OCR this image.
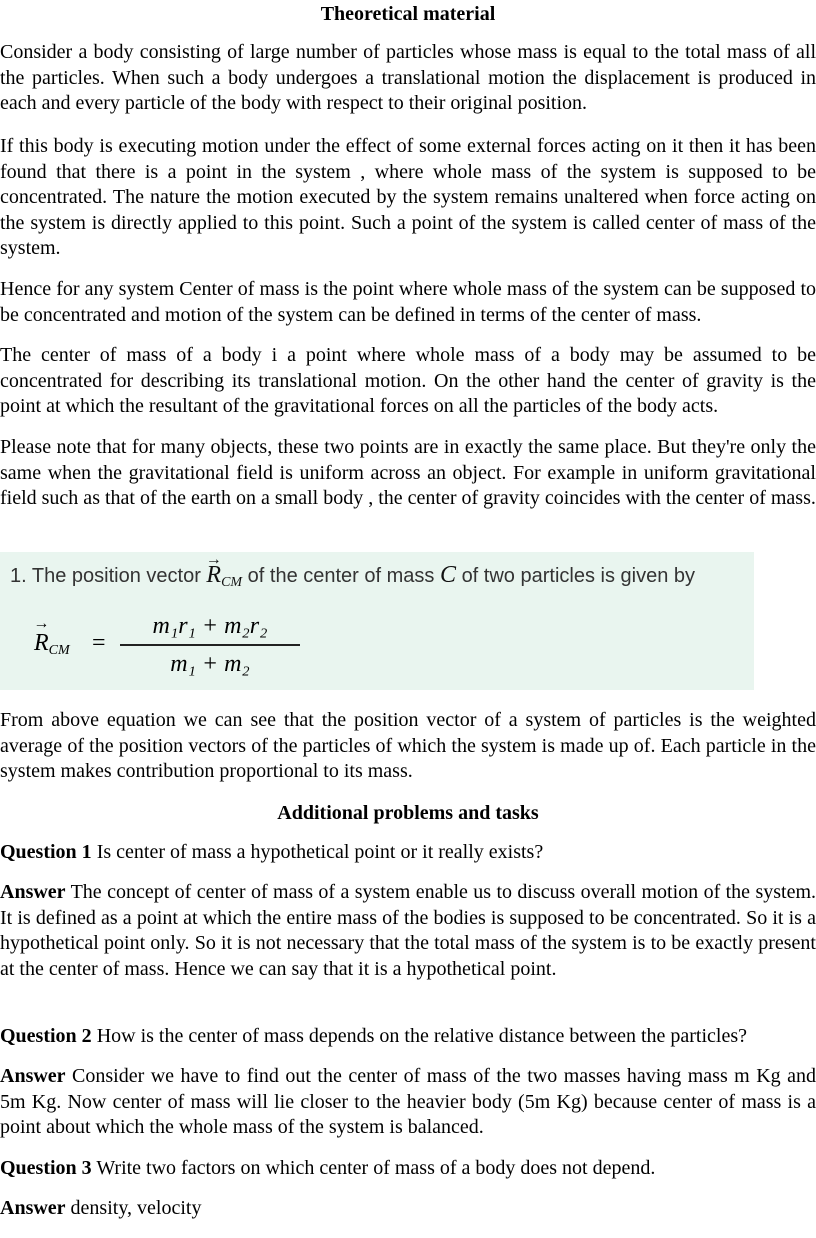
Theoretical material
Consider a body consisting of large number of particles whose mass is equal to the total mass of all the particles. When such a body undergoes a translational motion the displacement is produced in each and every particle of the body with respect to their original position.
If this body is executing motion under the effect of some external forces acting on it then it has been found that there is a point in the system , where whole mass of the system is supposed to be concentrated. The nature the motion executed by the system remains unaltered when force acting on the system is directly applied to this point. Such a point of the system is called center of mass of the system.
Hence for any system Center of mass is the point where whole mass of the system can be supposed to be concentrated and motion of the system can be defined in terms of the center of mass.
The center of mass of a body i a point where whole mass of a body may be assumed to be concentrated for describing its translational motion. On the other hand the center of gravity is the point at which the resultant of the gravitational forces on all the particles of the body acts.
Please note that for many objects, these two points are in exactly the same place. But they're only the same when the gravitational field is uniform across an object. For example in uniform gravitational field such as that of the earth on a small body , the center of gravity coincides with the center of mass.
1. The position vector → RCM of the center of mass C of two particles is given by
→ RCM =
m₁r₁ + m₂r₂
m₁ + m₂
From above equation we can see that the position vector of a system of particles is the weighted average of the position vectors of the particles of which the system is made up of. Each particle in the system makes contribution proportional to its mass.
Additional problems and tasks
Question 1 Is center of mass a hypothetical point or it really exists?
Answer The concept of center of mass of a system enable us to discuss overall motion of the system. It is defined as a point at which the entire mass of the bodies is supposed to be concentrated. So it is a hypothetical point only. So it is not necessary that the total mass of the system is to be exactly present at the center of mass. Hence we can say that it is a hypothetical point.
Question 2 How is the center of mass depends on the relative distance between the particles?
Answer Consider we have to find out the center of mass of the two masses having mass m Kg and 5m Kg. Now center of mass will lie closer to the heavier body (5m Kg) because center of mass is a point about which the whole mass of the system is balanced.
Question 3 Write two factors on which center of mass of a body does not depend.
Answer density, velocity
